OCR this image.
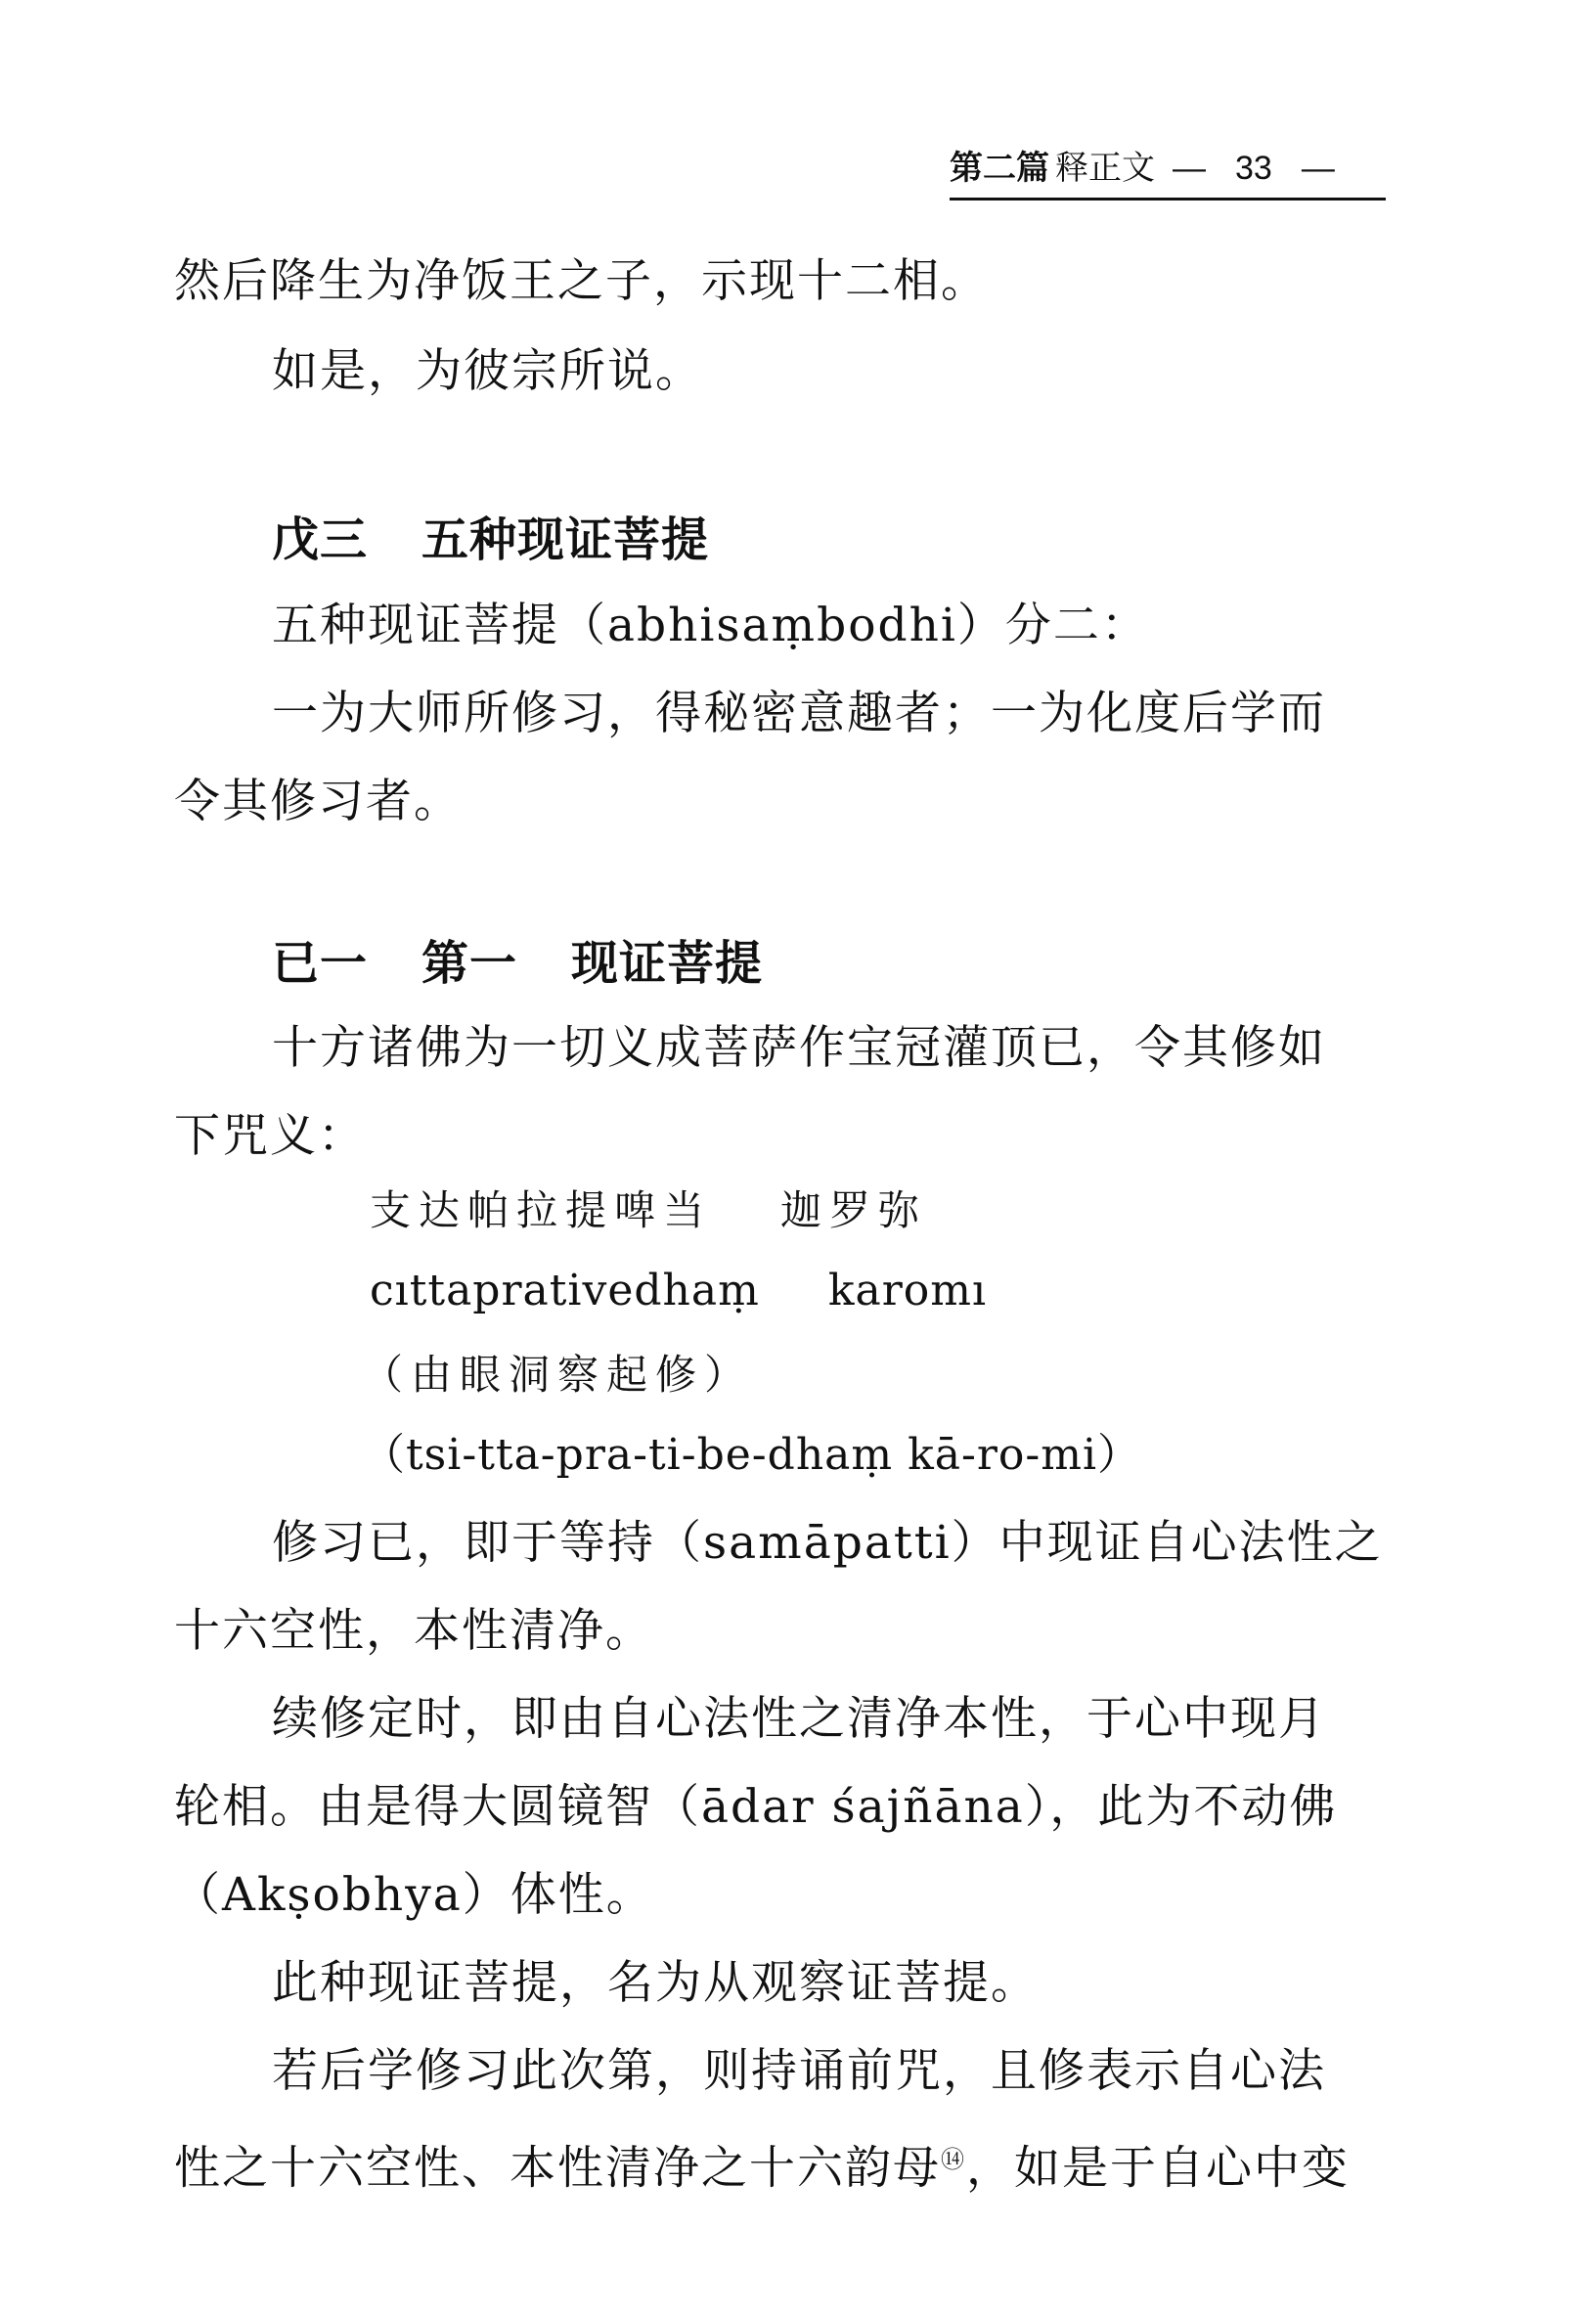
第二篇 释正文 — 33 —
然后降生为净饭王之子，示现十二相。
如是，为彼宗所说。
戊三 五种现证菩提
五种现证菩提（abhisaṃbodhi）分二：
一为大师所修习，得秘密意趣者；一为化度后学而
令其修习者。
已一 第一 现证菩提
十方诸佛为一切义成菩萨作宝冠灌顶已，令其修如
下咒义：
支达帕拉提啤当 迦罗弥
cıttaprativedhaṃ karomı
（由眼洞察起修）
（tsi-tta-pra-ti-be-dhaṃ kā-ro-mi）
修习已，即于等持（samāpatti）中现证自心法性之
十六空性，本性清净。
续修定时，即由自心法性之清净本性，于心中现月
轮相。由是得大圆镜智（ādar śajñāna），此为不动佛
（Akṣobhya）体性。
此种现证菩提，名为从观察证菩提。
若后学修习此次第，则持诵前咒，且修表示自心法
性之十六空性、本性清净之十六韵母⑭，如是于自心中变
